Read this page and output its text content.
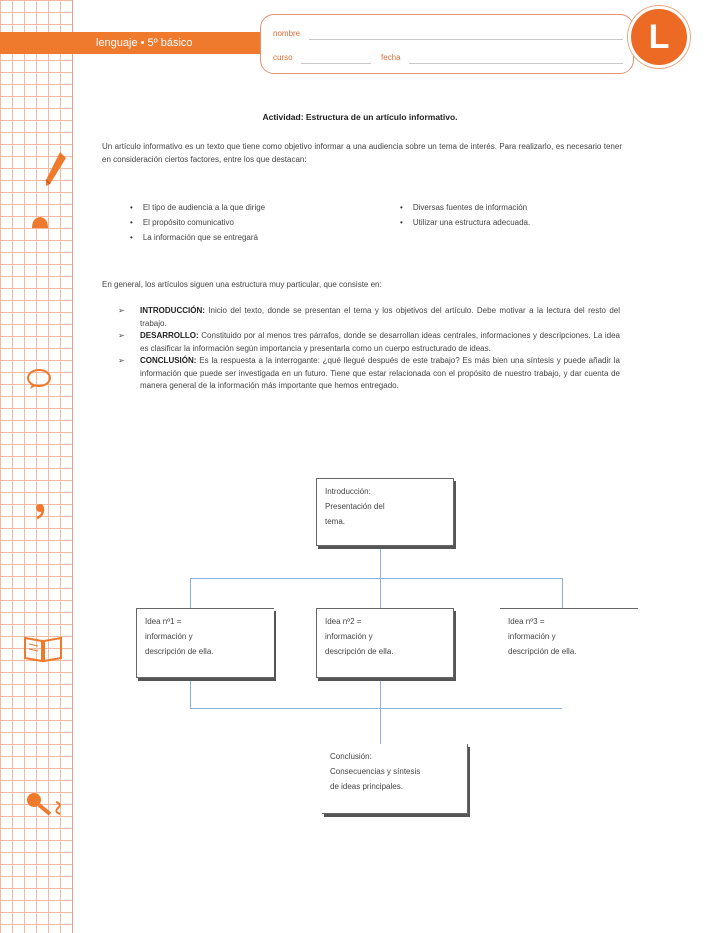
lenguaje • 5º básico
nombre
curso	fecha
L
Actividad: Estructura de un artículo informativo.
Un artículo informativo es un texto que tiene como objetivo informar a una audiencia sobre un tema de interés. Para realizarlo, es necesario tener en consideración ciertos factores, entre los que destacan:
• El tipo de audiencia a la que dirige
• El propósito comunicativo
• La información que se entregará
• Diversas fuentes de información
• Utilizar una estructura adecuada.
En general, los artículos siguen una estructura muy particular, que consiste en:
➢ INTRODUCCIÓN: Inicio del texto, donde se presentan el tema y los objetivos del artículo. Debe motivar a la lectura del resto del trabajo.
➢ DESARROLLO: Constituido por al menos tres párrafos, donde se desarrollan ideas centrales, informaciones y descripciones. La idea es clasificar la información según importancia y presentarla como un cuerpo estructurado de ideas.
➢ CONCLUSIÓN: Es la respuesta a la interrogante: ¿qué llegué después de este trabajo? Es más bien una síntesis y puede añadir la información que puede ser investigada en un futuro. Tiene que estar relacionada con el propósito de nuestro trabajo, y dar cuenta de manera general de la información más importante que hemos entregado.
Introducción:
Presentación del
tema.
Idea nº1 =
información y
descripción de ella.
Idea nº2 =
información y
descripción de ella.
Idea nº3 =
información y
descripción de ella.
Conclusión:
Consecuencias y síntesis
de ideas principales.
